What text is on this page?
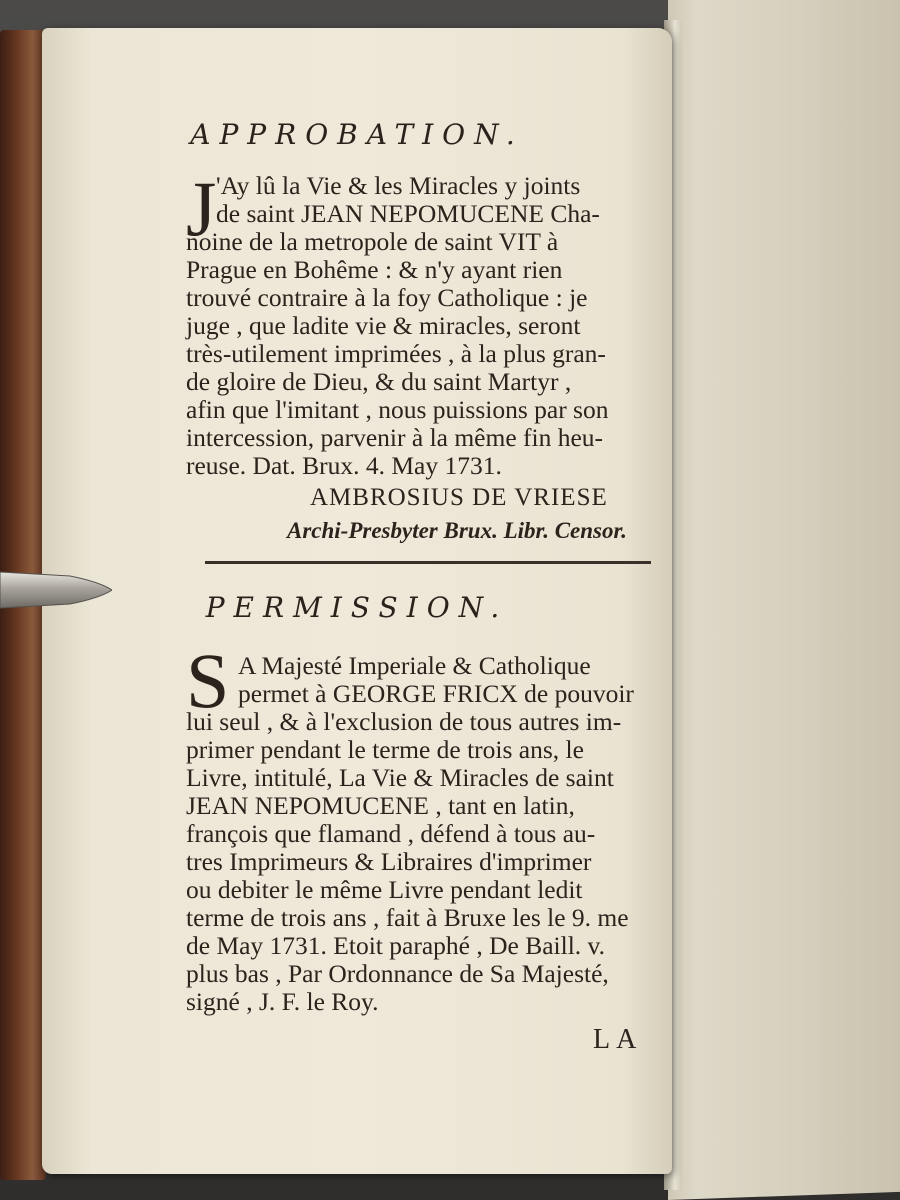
APPROBATION.
J 'Ay lû la Vie & les Miracles y joints
de saint JEAN NEPOMUCENE Cha-
noine de la metropole de saint VIT à
Prague en Bohême : & n'y ayant rien
trouvé contraire à la foy Catholique : je
juge , que ladite vie & miracles, seront
très-utilement imprimées , à la plus gran-
de gloire de Dieu, & du saint Martyr ,
afin que l'imitant , nous puissions par son
intercession, parvenir à la même fin heu-
reuse. Dat. Brux. 4. May 1731.
AMBROSIUS DE VRIESE
Archi-Presbyter Brux. Libr. Censor.
PERMISSION.
S A Majesté Imperiale & Catholique
permet à GEORGE FRICX de pouvoir
lui seul , & à l'exclusion de tous autres im-
primer pendant le terme de trois ans, le
Livre, intitulé, La Vie & Miracles de saint
JEAN NEPOMUCENE , tant en latin,
françois que flamand , défend à tous au-
tres Imprimeurs & Libraires d'imprimer
ou debiter le même Livre pendant ledit
terme de trois ans , fait à Bruxe les le 9. me
de May 1731. Etoit paraphé , De Baill. v.
plus bas , Par Ordonnance de Sa Majesté,
signé , J. F. le Roy.
LA
